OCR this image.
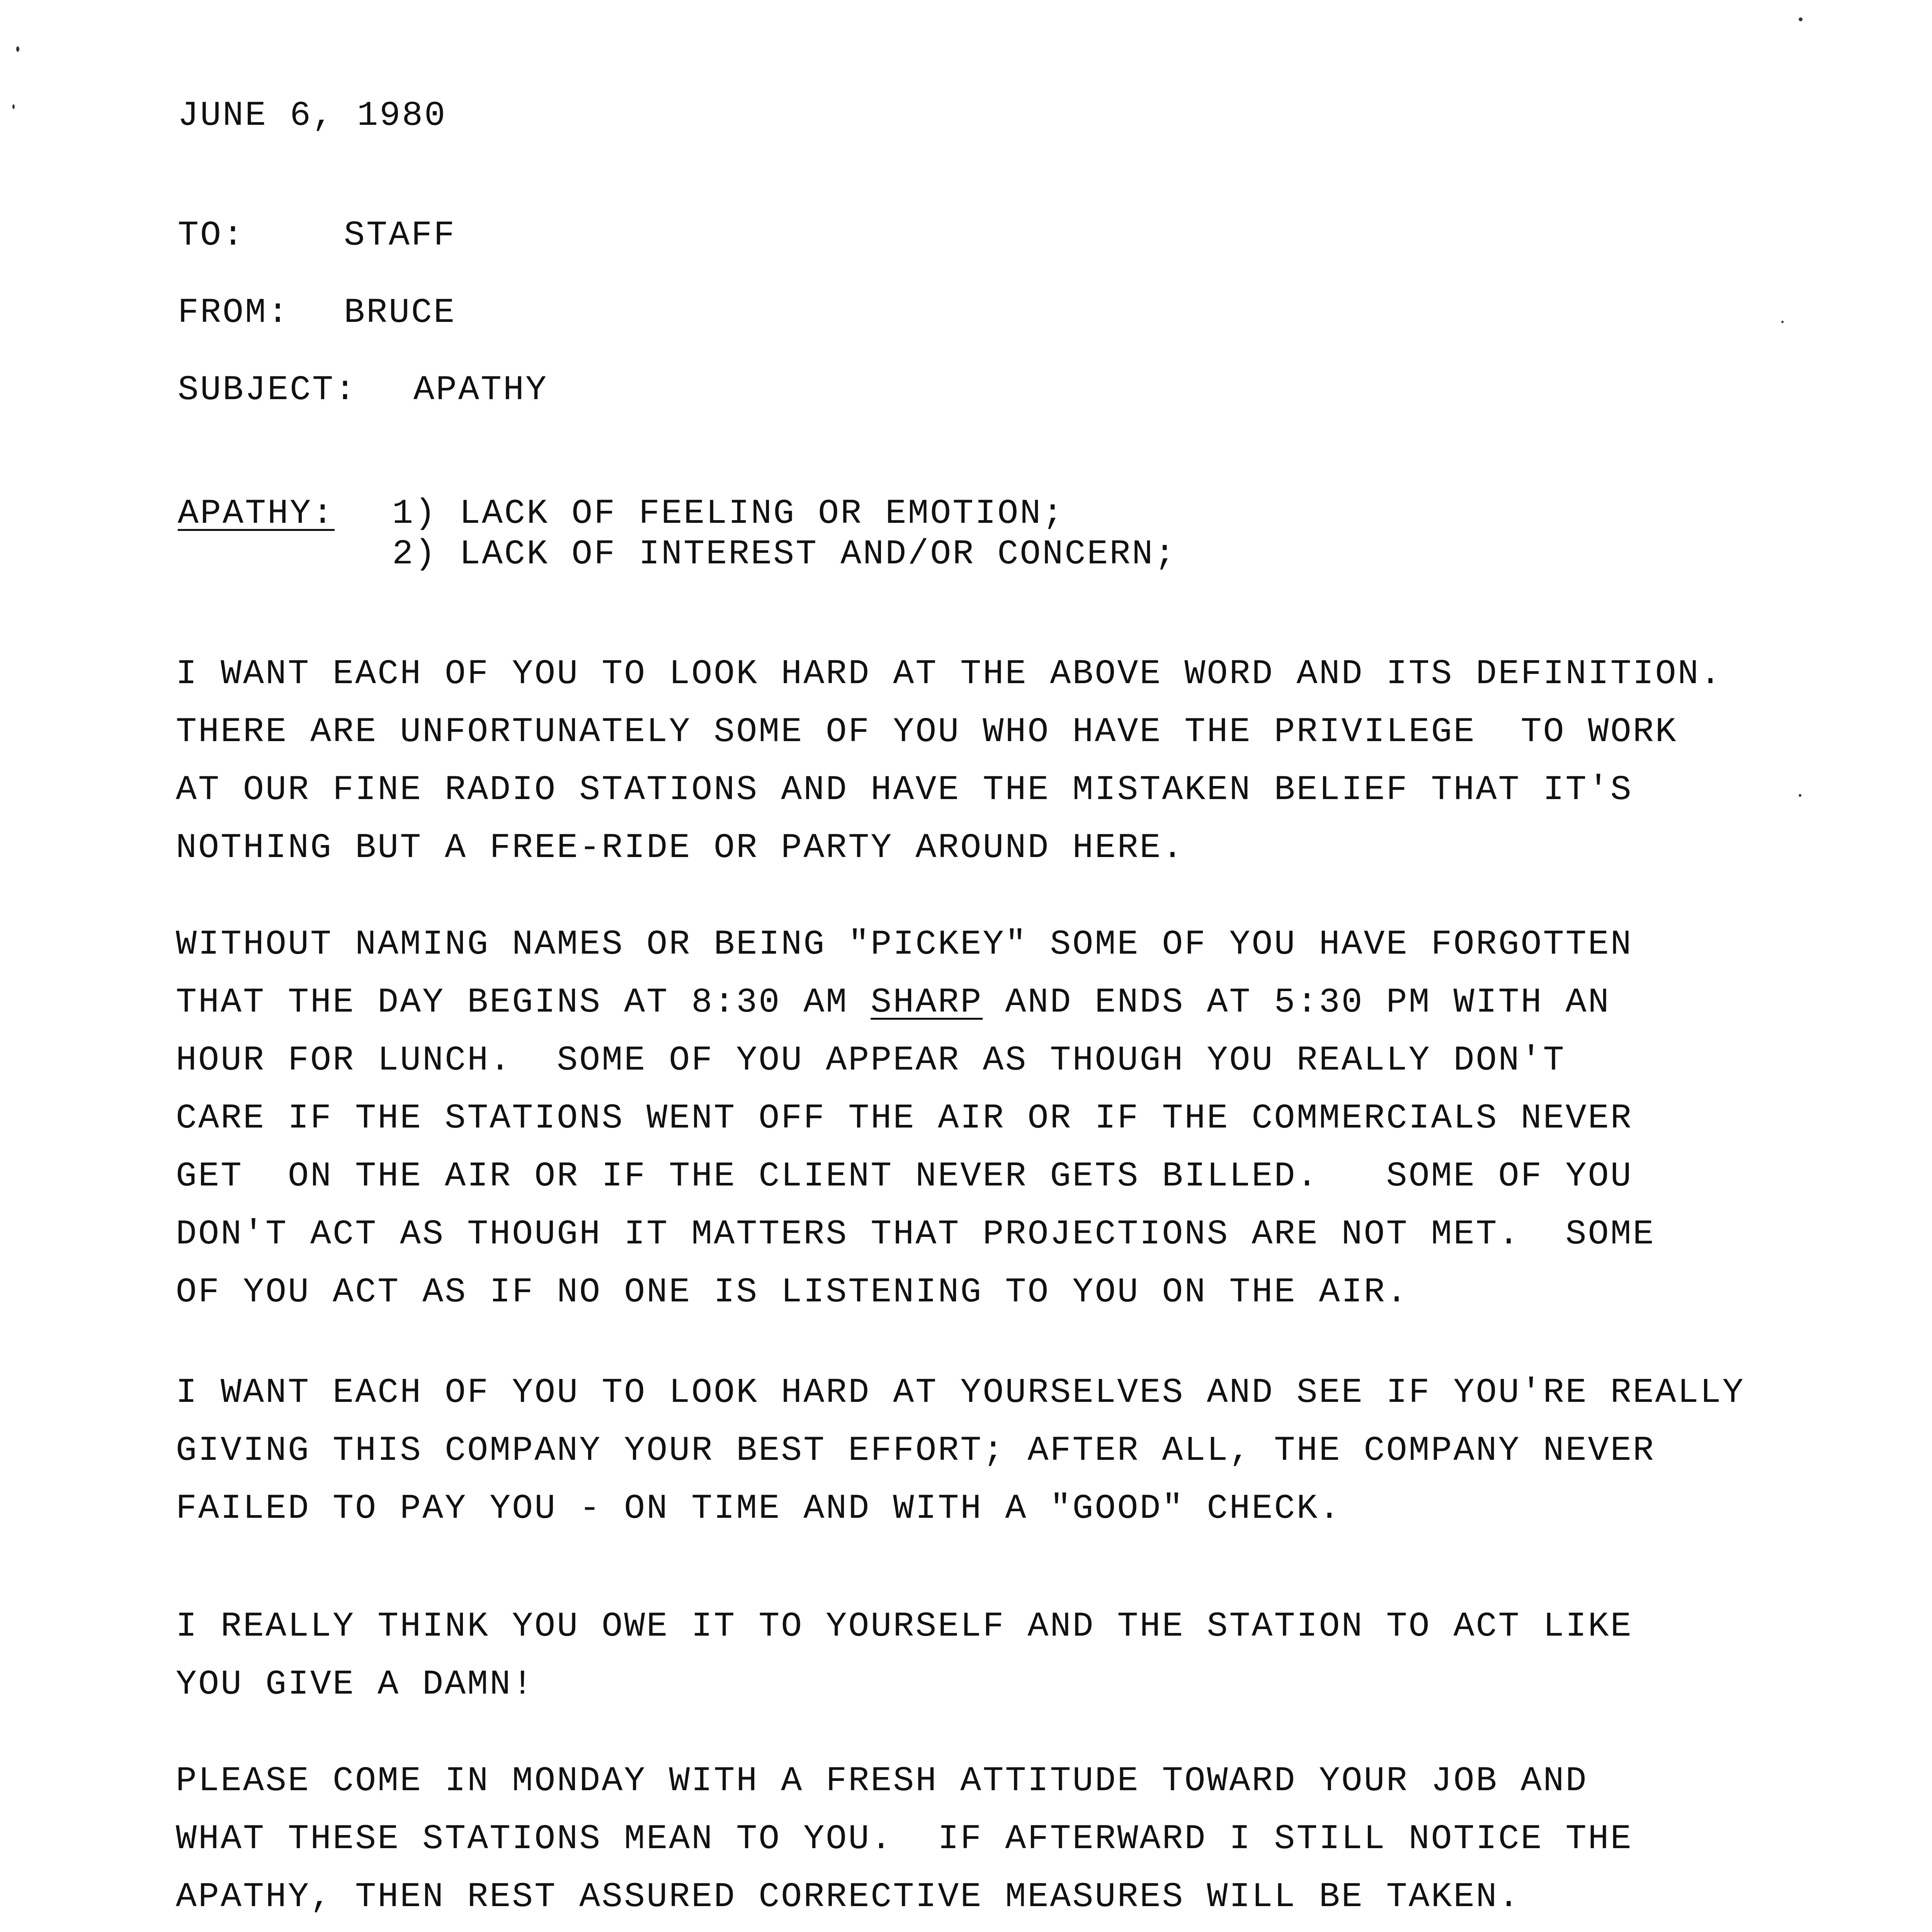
JUNE 6, 1980
TO:	STAFF
FROM: BRUCE
SUBJECT: APATHY
APATHY: 1) LACK OF FEELING OR EMOTION;
2) LACK OF INTEREST AND/OR CONCERN;
I WANT EACH OF YOU TO LOOK HARD AT THE ABOVE WORD AND ITS DEFINITION.
THERE ARE UNFORTUNATELY SOME OF YOU WHO HAVE THE PRIVILEGE  TO WORK
AT OUR FINE RADIO STATIONS AND HAVE THE MISTAKEN BELIEF THAT IT'S
NOTHING BUT A FREE-RIDE OR PARTY AROUND HERE.
WITHOUT NAMING NAMES OR BEING "PICKEY" SOME OF YOU HAVE FORGOTTEN
THAT THE DAY BEGINS AT 8:30 AM SHARP AND ENDS AT 5:30 PM WITH AN
HOUR FOR LUNCH.  SOME OF YOU APPEAR AS THOUGH YOU REALLY DON'T
CARE IF THE STATIONS WENT OFF THE AIR OR IF THE COMMERCIALS NEVER
GET  ON THE AIR OR IF THE CLIENT NEVER GETS BILLED.   SOME OF YOU
DON'T ACT AS THOUGH IT MATTERS THAT PROJECTIONS ARE NOT MET.  SOME
OF YOU ACT AS IF NO ONE IS LISTENING TO YOU ON THE AIR.
I WANT EACH OF YOU TO LOOK HARD AT YOURSELVES AND SEE IF YOU'RE REALLY
GIVING THIS COMPANY YOUR BEST EFFORT; AFTER ALL, THE COMPANY NEVER
FAILED TO PAY YOU - ON TIME AND WITH A "GOOD" CHECK.
I REALLY THINK YOU OWE IT TO YOURSELF AND THE STATION TO ACT LIKE
YOU GIVE A DAMN!
PLEASE COME IN MONDAY WITH A FRESH ATTITUDE TOWARD YOUR JOB AND
WHAT THESE STATIONS MEAN TO YOU.  IF AFTERWARD I STILL NOTICE THE
APATHY, THEN REST ASSURED CORRECTIVE MEASURES WILL BE TAKEN.
